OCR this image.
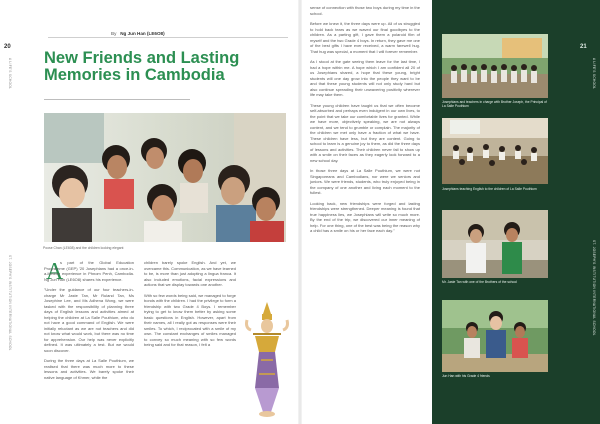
20
A LIFE'S SCHOOL
ST. JOSEPH'S INSTITUTION INTERNATIONAL SCHOOL
By Ng Jun Han (LE6O8)
New Friends and Lasting Memories in Cambodia
Poose Chan (LE608) and the children looking elegant
A

s part of the Global Education Programme (GEP) '20 Josephians had a once-in-a-lifetime experience in Phnom Penh, Cambodia. Ng Jun Han (LE6O8) shares his experience.

"Under the guidance of our four teachers-in-charge Mr Jaste Tan, Mr Ruland Tan, Ms Josephine Lee, and Ms Adhena Wong, we were tasked with the responsibility of planning three days of English lessons and activities aimed at helping the children at La Salle Pouthium, who do not have a good command of English. We were initially reluctant as we are not teachers and did not know what would work, but there was no time for apprehension. Our help was never explicitly defined. It was ultimately a test. But we would soon discover.

During the three days at La Salle Pouthium, we realised that there was much more to these lessons and activities. We barely spoke their native language of Khmer, while the

children barely spoke English. And yet, we overcame this. Communication, as we have learned to be, is more than just adopting a lingua franca. It also included emotions, facial expressions and actions that we display towards one another.

With so few words being said, we managed to forge bonds with the children. I had the privilege to form a friendship with two Grade 4 Boys. I remember trying to get to know them better by asking some basic questions in English. However, apart from their names, all I really got as responses were their smiles. To which, I reciprocated with a smile of my own. The constant exchanges of smiles managed to convey so much meaning with so few words being said and for that reason, I felt a

sense of connection with those two boys during my time in the school.

Before we knew it, the three days were up. All of us struggled to hold back tears as we waved our final goodbyes to the children. As a parting gift, I gave them a polaroid film of myself and the two Grade 4 boys. In return, they gave me one of the best gifts I have ever received, a warm farewell hug. That hug was special, a moment that I will forever remember.

As I stood at the gate seeing them leave for the last time, I had a hope within me. A hope which I am confident all 20 of us Josephians shared, a hope that these young, bright students will one day grow into the people they want to be and that these young students will not only study hard but also continue spreading their unwavering positivity wherever life may take them.

These young children have taught us that we often become self-absorbed and perhaps even indulgent in our own lives, to the point that we take our comfortable lives for granted. While we have more, objectively speaking, we are not always content, and we tend to grumble or complain. The majority of the children we met only have a fraction of what we have. These children have less, but they are content. Going to school to learn is a genuine joy to them, as did the three days of lessons and activities. Their children never fail to show up with a smile on their faces as they eagerly look forward to a new school day.

In those three days at La Salle Pouthium, we were not Singaporeans and Cambodians, nor were we seniors and juniors. We were friends, students, who truly enjoyed being in the company of one another and living each moment to the fullest.

Looking back, new friendships were forged and lasting friendships were strengthened. Deeper meaning is found that true happiness lies, we Josephians will write so much more. By the end of the trip, we discovered our inner meaning of help. For one thing, one of the best was being the reason why a child has a smile on his or her face each day."

21
A LIFE'S SCHOOL
ST. JOSEPH'S INSTITUTION INTERNATIONAL SCHOOL
Josephians and teachers in charge with Brother Joseph, the Principal of La Salle Pouthium
Josephians teaching English to the children of La Salle Pouthium
Mr. Jaste Tan with one of the Brothers of the school
Jun Han with his Grade 4 friends
